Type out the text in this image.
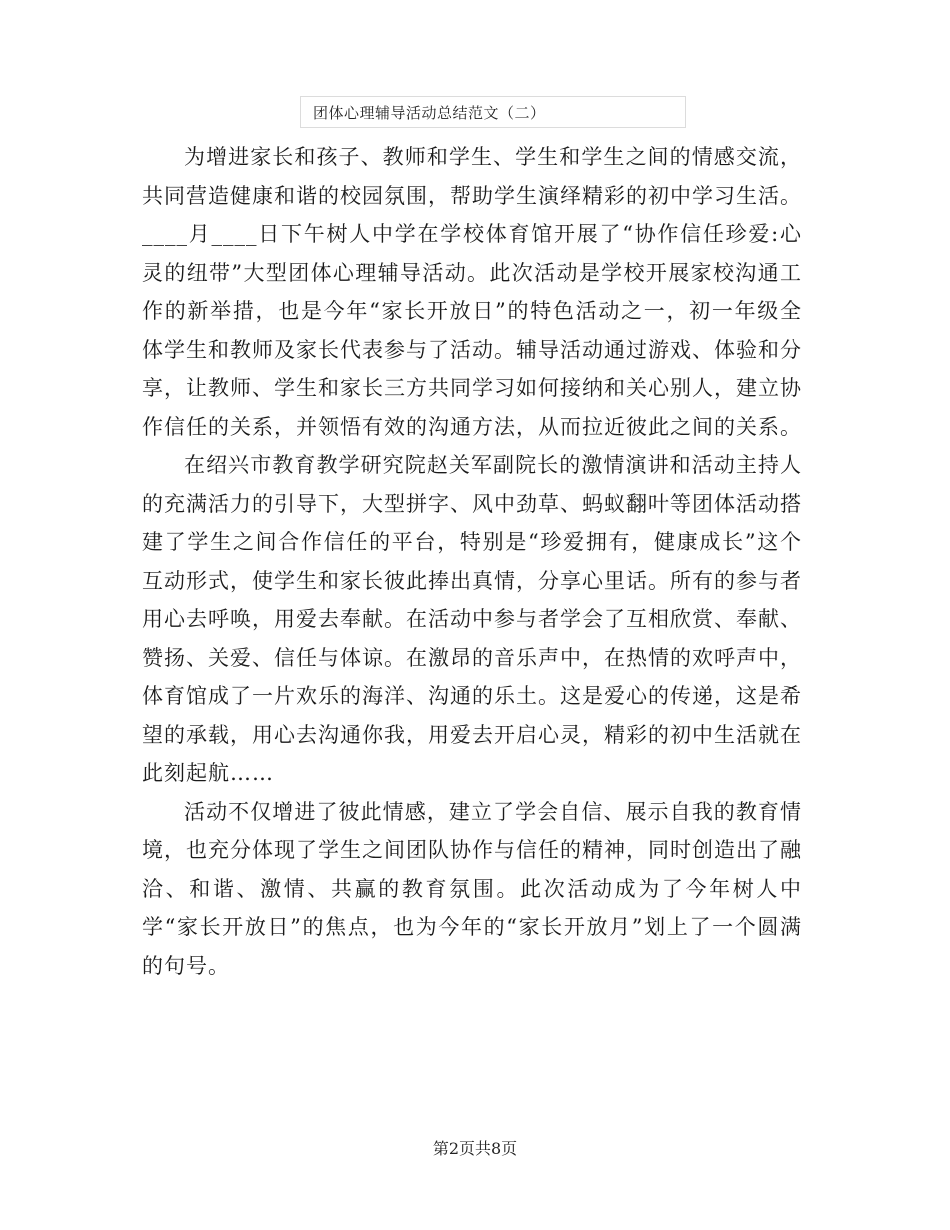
团体心理辅导活动总结范文（二）

为增进家长和孩子、教师和学生、学生和学生之间的情感交流，共同营造健康和谐的校园氛围，帮助学生演绎精彩的初中学习生活。____月____日下午树人中学在学校体育馆开展了“协作信任珍爱:心灵的纽带”大型团体心理辅导活动。此次活动是学校开展家校沟通工作的新举措，也是今年“家长开放日”的特色活动之一，初一年级全体学生和教师及家长代表参与了活动。辅导活动通过游戏、体验和分享，让教师、学生和家长三方共同学习如何接纳和关心别人，建立协作信任的关系，并领悟有效的沟通方法，从而拉近彼此之间的关系。

在绍兴市教育教学研究院赵关军副院长的激情演讲和活动主持人的充满活力的引导下，大型拼字、风中劲草、蚂蚁翻叶等团体活动搭建了学生之间合作信任的平台，特别是“珍爱拥有，健康成长”这个互动形式，使学生和家长彼此捧出真情，分享心里话。所有的参与者用心去呼唤，用爱去奉献。在活动中参与者学会了互相欣赏、奉献、赞扬、关爱、信任与体谅。在激昂的音乐声中，在热情的欢呼声中，体育馆成了一片欢乐的海洋、沟通的乐土。这是爱心的传递，这是希望的承载，用心去沟通你我，用爱去开启心灵，精彩的初中生活就在此刻起航……

活动不仅增进了彼此情感，建立了学会自信、展示自我的教育情境，也充分体现了学生之间团队协作与信任的精神，同时创造出了融洽、和谐、激情、共赢的教育氛围。此次活动成为了今年树人中学“家长开放日”的焦点，也为今年的“家长开放月”划上了一个圆满的句号。

第2页共8页
